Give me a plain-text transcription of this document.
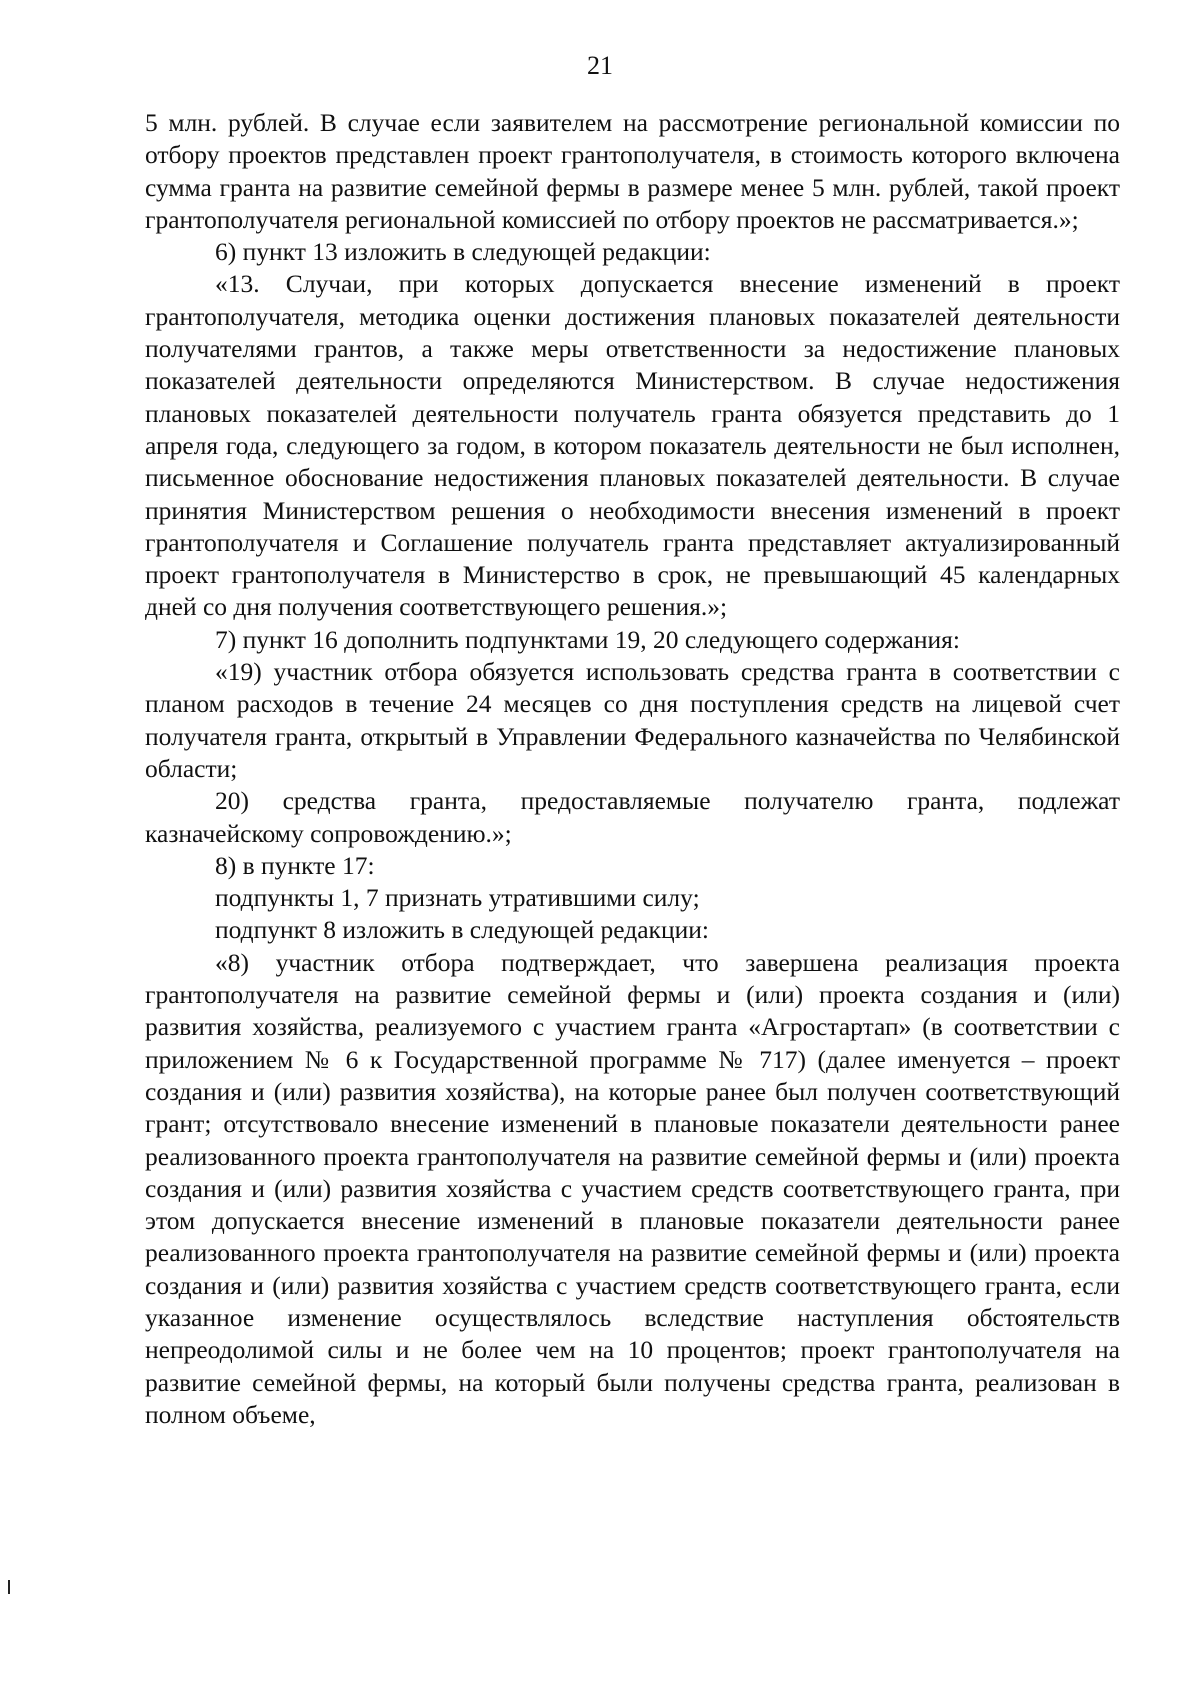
21

5 млн. рублей. В случае если заявителем на рассмотрение региональной комиссии по отбору проектов представлен проект грантополучателя, в стоимость которого включена сумма гранта на развитие семейной фермы в размере менее 5 млн. рублей, такой проект грантополучателя региональной комиссией по отбору проектов не рассматривается.»;

6) пункт 13 изложить в следующей редакции:

«13. Случаи, при которых допускается внесение изменений в проект грантополучателя, методика оценки достижения плановых показателей деятельности получателями грантов, а также меры ответственности за недостижение плановых показателей деятельности определяются Министерством. В случае недостижения плановых показателей деятельности получатель гранта обязуется представить до 1 апреля года, следующего за годом, в котором показатель деятельности не был исполнен, письменное обоснование недостижения плановых показателей деятельности. В случае принятия Министерством решения о необходимости внесения изменений в проект грантополучателя и Соглашение получатель гранта представляет актуализированный проект грантополучателя в Министерство в срок, не превышающий 45 календарных дней со дня получения соответствующего решения.»;

7) пункт 16 дополнить подпунктами 19, 20 следующего содержания:

«19) участник отбора обязуется использовать средства гранта в соответствии с планом расходов в течение 24 месяцев со дня поступления средств на лицевой счет получателя гранта, открытый в Управлении Федерального казначейства по Челябинской области;

20) средства гранта, предоставляемые получателю гранта, подлежат казначейскому сопровождению.»;

8) в пункте 17:

подпункты 1, 7 признать утратившими силу;

подпункт 8 изложить в следующей редакции:

«8) участник отбора подтверждает, что завершена реализация проекта грантополучателя на развитие семейной фермы и (или) проекта создания и (или) развития хозяйства, реализуемого с участием гранта «Агростартап» (в соответствии с приложением № 6 к Государственной программе № 717) (далее именуется – проект создания и (или) развития хозяйства), на которые ранее был получен соответствующий грант; отсутствовало внесение изменений в плановые показатели деятельности ранее реализованного проекта грантополучателя на развитие семейной фермы и (или) проекта создания и (или) развития хозяйства с участием средств соответствующего гранта, при этом допускается внесение изменений в плановые показатели деятельности ранее реализованного проекта грантополучателя на развитие семейной фермы и (или) проекта создания и (или) развития хозяйства с участием средств соответствующего гранта, если указанное изменение осуществлялось вследствие наступления обстоятельств непреодолимой силы и не более чем на 10 процентов; проект грантополучателя на развитие семейной фермы, на который были получены средства гранта, реализован в полном объеме,
